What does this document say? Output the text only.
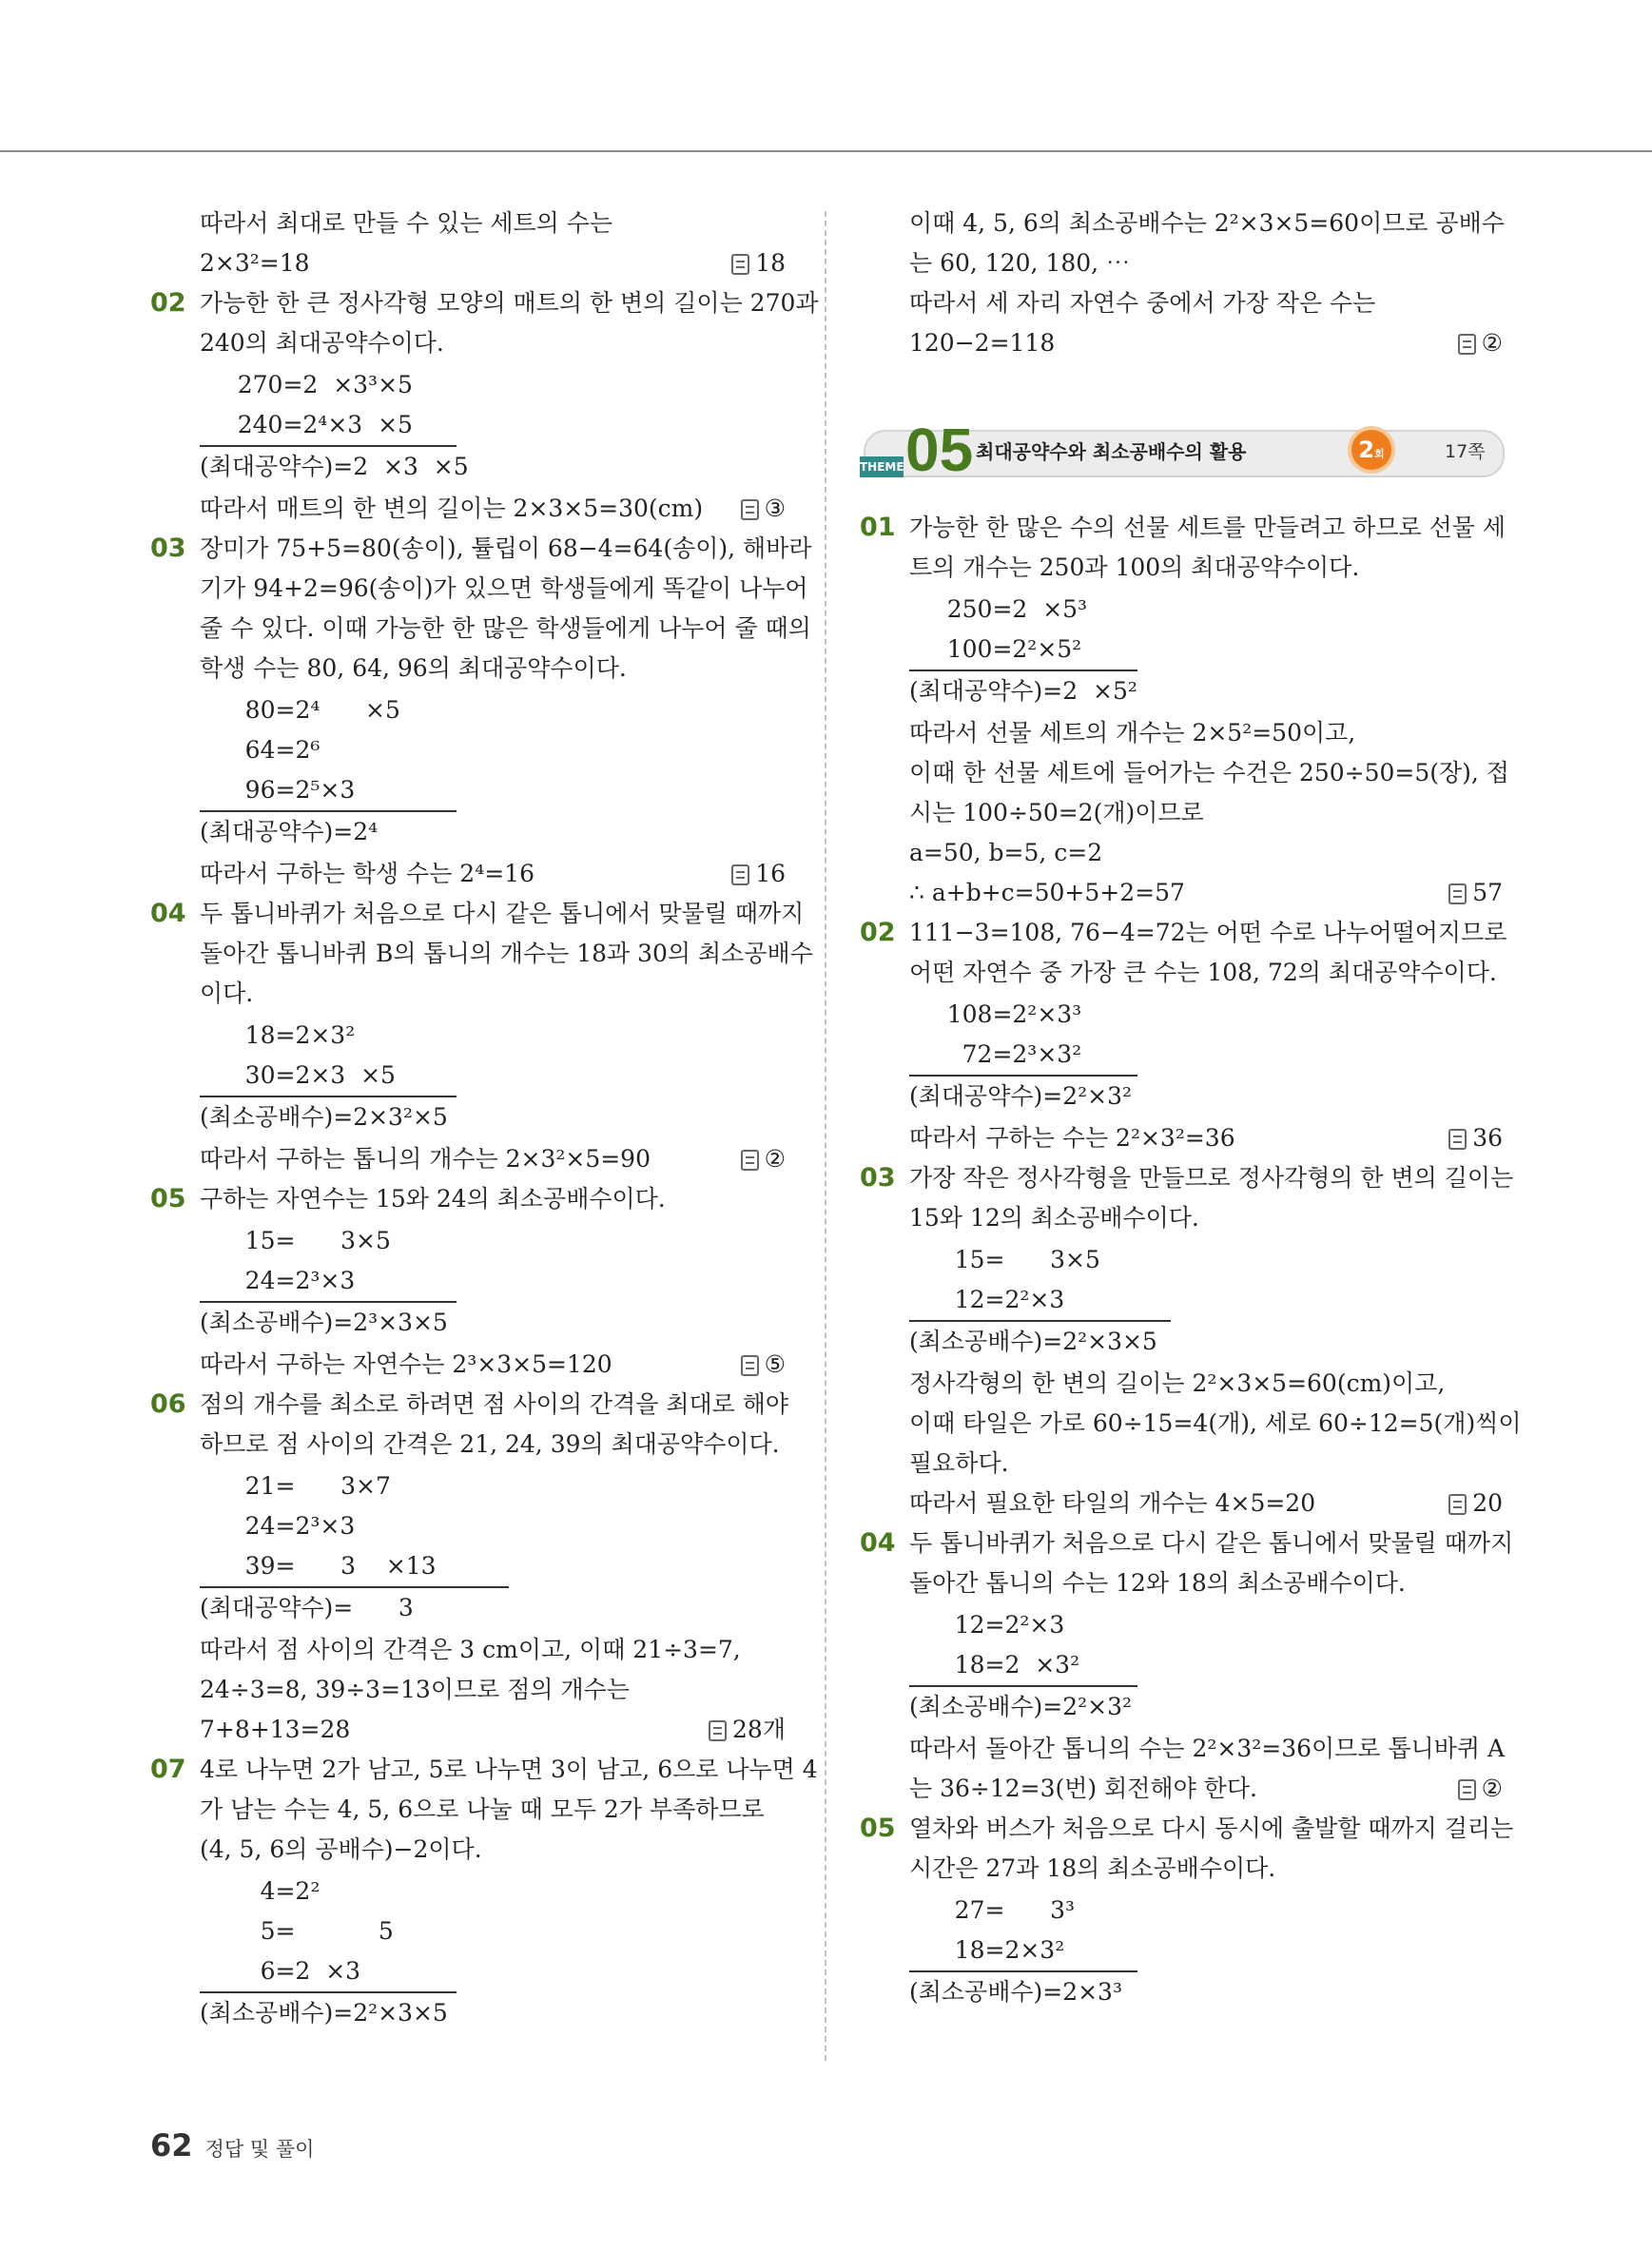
따라서 최대로 만들 수 있는 세트의 수는
2×3²=18	18
02 가능한 한 큰 정사각형 모양의 매트의 한 변의 길이는 270과
240의 최대공약수이다.
270=2  ×3³×5
240=2⁴×3  ×5
(최대공약수)=2  ×3  ×5
따라서 매트의 한 변의 길이는 2×3×5=30(cm)	③
03 장미가 75+5=80(송이), 튤립이 68−4=64(송이), 해바라
기가 94+2=96(송이)가 있으면 학생들에게 똑같이 나누어
줄 수 있다. 이때 가능한 한 많은 학생들에게 나누어 줄 때의
학생 수는 80, 64, 96의 최대공약수이다.
80=2⁴      ×5
64=2⁶
96=2⁵×3
(최대공약수)=2⁴
따라서 구하는 학생 수는 2⁴=16	16
04 두 톱니바퀴가 처음으로 다시 같은 톱니에서 맞물릴 때까지
돌아간 톱니바퀴 B의 톱니의 개수는 18과 30의 최소공배수
이다.
18=2×3²
30=2×3  ×5
(최소공배수)=2×3²×5
따라서 구하는 톱니의 개수는 2×3²×5=90	②
05 구하는 자연수는 15와 24의 최소공배수이다.
15=      3×5
24=2³×3
(최소공배수)=2³×3×5
따라서 구하는 자연수는 2³×3×5=120	⑤
06 점의 개수를 최소로 하려면 점 사이의 간격을 최대로 해야
하므로 점 사이의 간격은 21, 24, 39의 최대공약수이다.
21=      3×7
24=2³×3
39=      3    ×13
(최대공약수)=      3
따라서 점 사이의 간격은 3 cm이고, 이때 21÷3=7,
24÷3=8, 39÷3=13이므로 점의 개수는
7+8+13=28	28개
07 4로 나누면 2가 남고, 5로 나누면 3이 남고, 6으로 나누면 4
가 남는 수는 4, 5, 6으로 나눌 때 모두 2가 부족하므로
(4, 5, 6의 공배수)−2이다.
4=2²
5=           5
6=2  ×3
(최소공배수)=2²×3×5
이때 4, 5, 6의 최소공배수는 2²×3×5=60이므로 공배수
는 60, 120, 180, ⋯
따라서 세 자리 자연수 중에서 가장 작은 수는
120−2=118	②
THEME 05 최대공약수와 최소공배수의 활용	2회	17쪽
01 가능한 한 많은 수의 선물 세트를 만들려고 하므로 선물 세
트의 개수는 250과 100의 최대공약수이다.
250=2  ×5³
100=2²×5²
(최대공약수)=2  ×5²
따라서 선물 세트의 개수는 2×5²=50이고,
이때 한 선물 세트에 들어가는 수건은 250÷50=5(장), 접
시는 100÷50=2(개)이므로
a=50, b=5, c=2
∴ a+b+c=50+5+2=57	57
02 111−3=108, 76−4=72는 어떤 수로 나누어떨어지므로
어떤 자연수 중 가장 큰 수는 108, 72의 최대공약수이다.
108=2²×3³
72=2³×3²
(최대공약수)=2²×3²
따라서 구하는 수는 2²×3²=36	36
03 가장 작은 정사각형을 만들므로 정사각형의 한 변의 길이는
15와 12의 최소공배수이다.
15=      3×5
12=2²×3
(최소공배수)=2²×3×5
정사각형의 한 변의 길이는 2²×3×5=60(cm)이고,
이때 타일은 가로 60÷15=4(개), 세로 60÷12=5(개)씩이
필요하다.
따라서 필요한 타일의 개수는 4×5=20	20
04 두 톱니바퀴가 처음으로 다시 같은 톱니에서 맞물릴 때까지
돌아간 톱니의 수는 12와 18의 최소공배수이다.
12=2²×3
18=2  ×3²
(최소공배수)=2²×3²
따라서 돌아간 톱니의 수는 2²×3²=36이므로 톱니바퀴 A
는 36÷12=3(번) 회전해야 한다.	②
05 열차와 버스가 처음으로 다시 동시에 출발할 때까지 걸리는
시간은 27과 18의 최소공배수이다.
27=      3³
18=2×3²
(최소공배수)=2×3³
62 정답 및 풀이
